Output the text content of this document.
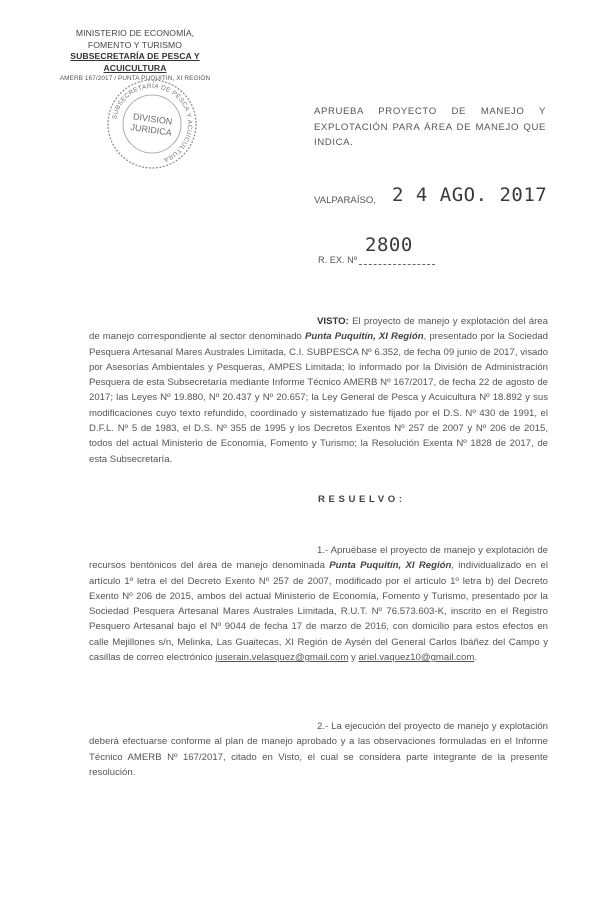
MINISTERIO DE ECONOMÍA,
FOMENTO Y TURISMO
SUBSECRETARÍA DE PESCA Y ACUICULTURA
AMERB 167/2017 / PUNTA PUQUITIN, XI REGIÓN
SUBSECRETARÍA DE PESCA Y ACUICULTURA
DIVISION
JURIDICA
APRUEBA PROYECTO DE MANEJO Y EXPLOTACIÓN PARA ÁREA DE MANEJO QUE INDICA.
VALPARAÍSO, 2 4 AGO. 2017
2800
R. EX. Nº
VISTO: El proyecto de manejo y explotación del área de manejo correspondiente al sector denominado Punta Puquitín, XI Región, presentado por la Sociedad Pesquera Artesanal Mares Australes Limitada, C.I. SUBPESCA Nº 6.352, de fecha 09 junio de 2017, visado por Asesorías Ambientales y Pesqueras, AMPES Limitada; lo informado por la División de Administración Pesquera de esta Subsecretaría mediante Informe Técnico AMERB Nº 167/2017, de fecha 22 de agosto de 2017; las Leyes Nº 19.880, Nº 20.437 y Nº 20.657; la Ley General de Pesca y Acuicultura Nº 18.892 y sus modificaciones cuyo texto refundido, coordinado y sistematizado fue fijado por el D.S. Nº 430 de 1991, el D.F.L. Nº 5 de 1983, el D.S. Nº 355 de 1995 y los Decretos Exentos Nº 257 de 2007 y Nº 206 de 2015, todos del actual Ministerio de Economía, Fomento y Turismo; la Resolución Exenta Nº 1828 de 2017, de esta Subsecretaría.
RESUELVO:
1.- Apruébase el proyecto de manejo y explotación de recursos bentónicos del área de manejo denominada Punta Puquitín, XI Región, individualizado en el artículo 1º letra el del Decreto Exento Nº 257 de 2007, modificado por el artículo 1º letra b) del Decreto Exento Nº 206 de 2015, ambos del actual Ministerio de Economía, Fomento y Turismo, presentado por la Sociedad Pesquera Artesanal Mares Australes Limitada, R.U.T. Nº 76.573.603-K, inscrito en el Registro Pesquero Artesanal bajo el Nº 9044 de fecha 17 de marzo de 2016, con domicilio para estos efectos en calle Mejillones s/n, Melinka, Las Guaitecas, XI Región de Aysén del General Carlos Ibáñez del Campo y casillas de correo electrónico juserain.velasquez@gmail.com y ariel.vaquez10@gmail.com.
2.- La ejecución del proyecto de manejo y explotación deberá efectuarse conforme al plan de manejo aprobado y a las observaciones formuladas en el Informe Técnico AMERB Nº 167/2017, citado en Visto, el cual se considera parte integrante de la presente resolución.
